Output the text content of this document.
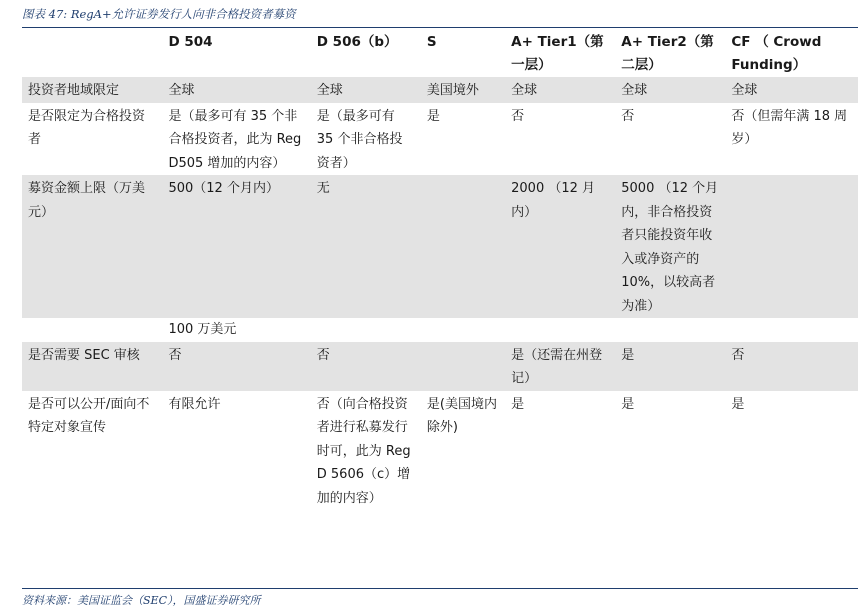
图表 47: RegA+允许证券发行人向非合格投资者募资
	D 504	D 506（b）	S	A+ Tier1（第一层）	A+ Tier2（第二层）	CF （ Crowd Funding）
投资者地域限定	全球	全球	美国境外	全球	全球	全球
是否限定为合格投资者	是（最多可有 35 个非合格投资者，此为 Reg D505 增加的内容）	是（最多可有 35 个非合格投资者）	是	否	否	否（但需年满 18 周岁）
募资金额上限（万美元）	500（12 个月内）	无		2000 （12 月内）	5000 （12 个月内，非合格投资者只能投资年收入或净资产的 10%，以较高者为准）	
	100 万美元					
是否需要 SEC 审核	否	否		是（还需在州登记）	是	否
是否可以公开/面向不特定对象宣传	有限允许	否（向合格投资者进行私募发行时可，此为 Reg D 5606（c）增加的内容）	是(美国境内除外)	是	是	是
资料来源：美国证监会（SEC），国盛证券研究所
